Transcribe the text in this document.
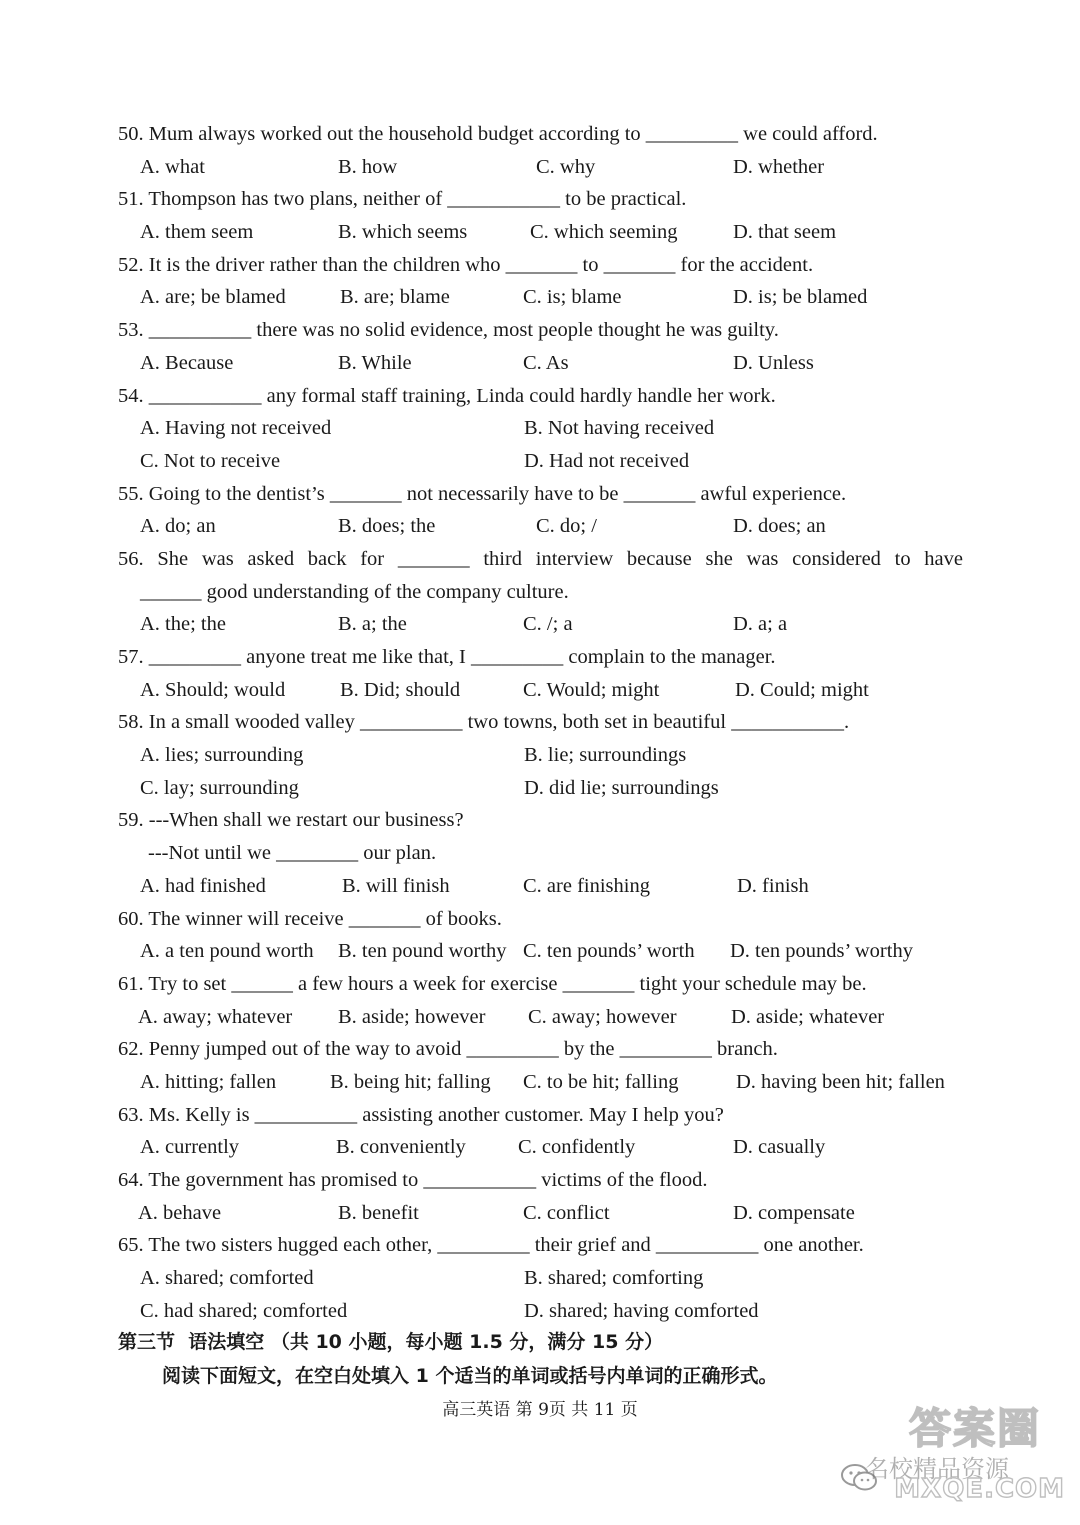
50. Mum always worked out the household budget according to _________ we could afford.
A. what	B. how	C. why	D. whether
51. Thompson has two plans, neither of ___________ to be practical.
A. them seem	B. which seems	C. which seeming	D. that seem
52. It is the driver rather than the children who _______ to _______ for the accident.
A. are; be blamed	B. are; blame	C. is; blame	D. is; be blamed
53. __________ there was no solid evidence, most people thought he was guilty.
A. Because	B. While	C. As	D. Unless
54. ___________ any formal staff training, Linda could hardly handle her work.
A. Having not received	B. Not having received
C. Not to receive	D. Had not received
55. Going to the dentist’s _______ not necessarily have to be _______ awful experience.
A. do; an	B. does; the	C. do; /	D. does; an
56. She was asked back for _______ third interview because she was considered to have
______ good understanding of the company culture.
A. the; the	B. a; the	C. /; a	D. a; a
57. _________ anyone treat me like that, I _________ complain to the manager.
A. Should; would	B. Did; should	C. Would; might	D. Could; might
58. In a small wooded valley __________ two towns, both set in beautiful ___________.
A. lies; surrounding	B. lie; surroundings
C. lay; surrounding	D. did lie; surroundings
59. ---When shall we restart our business?
---Not until we ________ our plan.
A. had finished	B. will finish	C. are finishing	D. finish
60. The winner will receive _______ of books.
A. a ten pound worth B. ten pound worthy C. ten pounds’ worth D. ten pounds’ worthy
61. Try to set ______ a few hours a week for exercise _______ tight your schedule may be.
A. away; whatever B. aside; however C. away; however	D. aside; whatever
62. Penny jumped out of the way to avoid _________ by the _________ branch.
A. hitting; fallen	B. being hit; falling C. to be hit; falling	D. having been hit; fallen
63. Ms. Kelly is __________ assisting another customer. May I help you?
A. currently	B. conveniently	C. confidently	D. casually
64. The government has promised to ___________ victims of the flood.
A. behave	B. benefit	C. conflict	D. compensate
65. The two sisters hugged each other, _________ their grief and __________ one another.
A. shared; comforted	B. shared; comforting
C. had shared; comforted	D. shared; having comforted
第三节  语法填空 （共 10 小题，每小题 1.5 分，满分 15 分）
阅读下面短文，在空白处填入 1 个适当的单词或括号内单词的正确形式。
高三英语 第 9页 共 11 页	答案圈
名校精品资源
MXQE.COM
